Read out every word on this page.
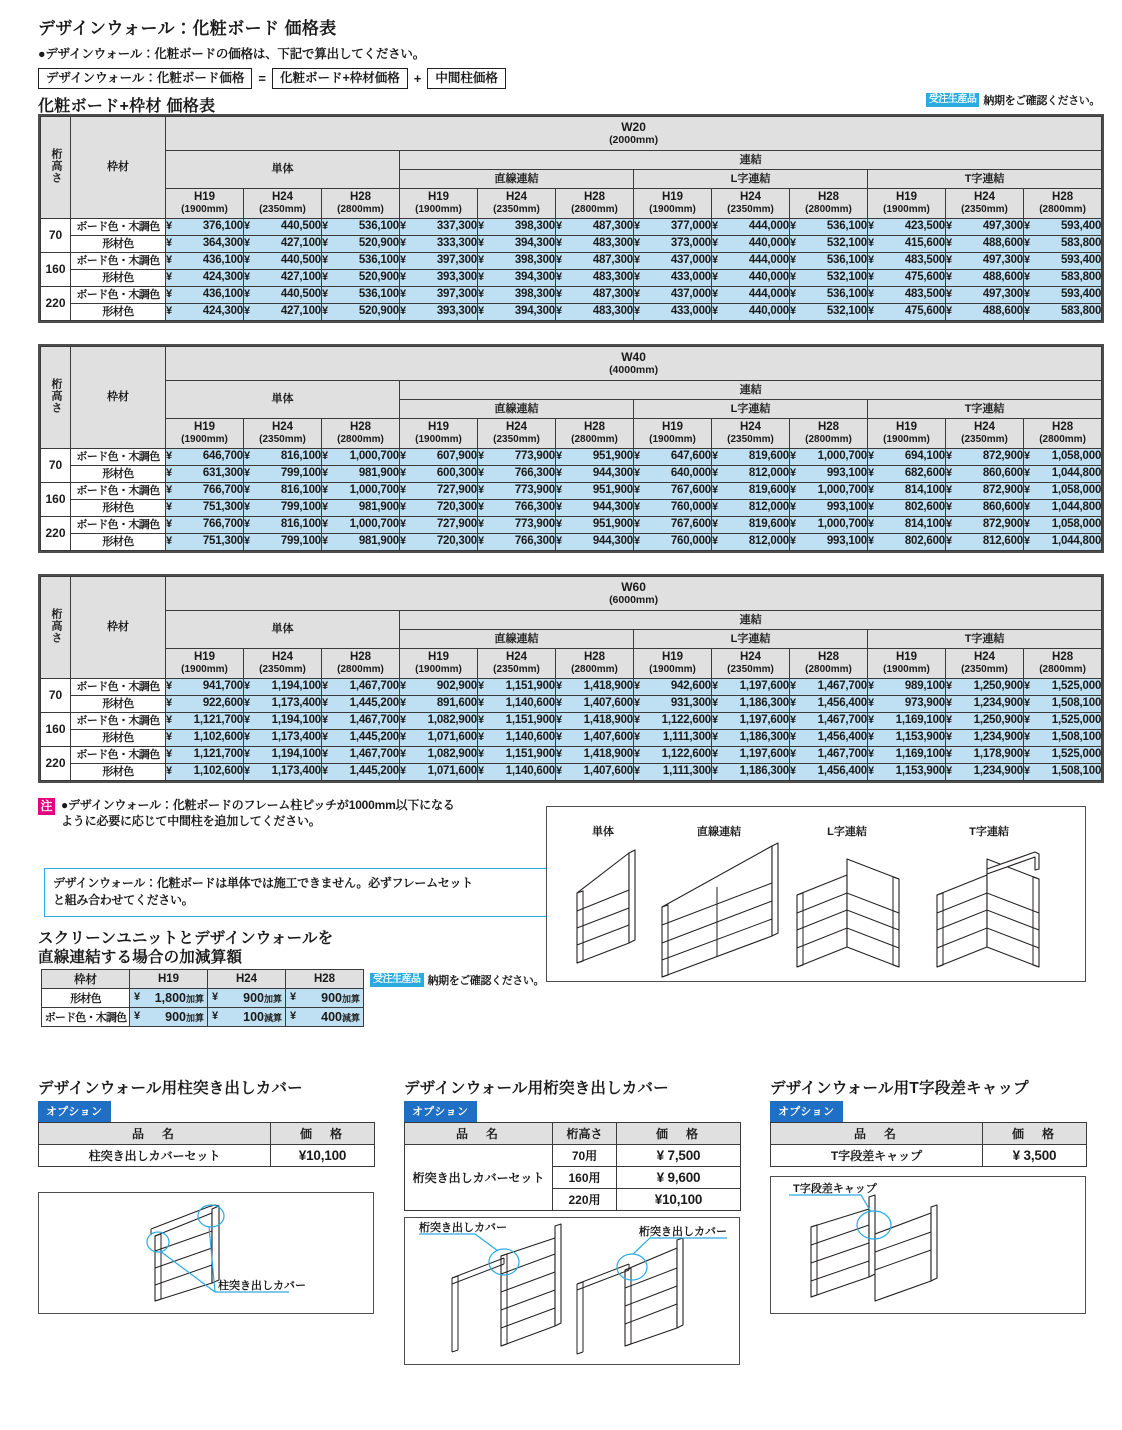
デザインウォール：化粧ボード 価格表
●デザインウォール：化粧ボードの価格は、下記で算出してください。
デザインウォール：化粧ボード価格	=	化粧ボード+枠材価格	+	中間柱価格
化粧ボード+枠材 価格表	受注生産品 納期をご確認ください。
桁高さ	枠材	W20
(2000mm)											

		単体			連結								
					直線連結			L字連結			T字連結		
		H19
(1900mm)	H24
(2350mm)	H28
(2800mm)	H19
(1900mm)	H24
(2350mm)	H28
(2800mm)	H19
(1900mm)	H24
(2350mm)	H28
(2800mm)	H19
(1900mm)	H24
(2350mm)	H28
(2800mm)

70	ボード色・木調色	¥ 376,100	¥ 440,500	¥ 536,100	¥ 337,300	¥ 398,300	¥ 487,300	¥ 377,000	¥ 444,000	¥ 536,100	¥ 423,500	¥ 497,300	¥ 593,400

	形材色	¥ 364,300	¥ 427,100	¥ 520,900	¥ 333,300	¥ 394,300	¥ 483,300	¥ 373,000	¥ 440,000	¥ 532,100	¥ 415,600	¥ 488,600	¥ 583,800

160	ボード色・木調色	¥ 436,100	¥ 440,500	¥ 536,100	¥ 397,300	¥ 398,300	¥ 487,300	¥ 437,000	¥ 444,000	¥ 536,100	¥ 483,500	¥ 497,300	¥ 593,400

	形材色	¥ 424,300	¥ 427,100	¥ 520,900	¥ 393,300	¥ 394,300	¥ 483,300	¥ 433,000	¥ 440,000	¥ 532,100	¥ 475,600	¥ 488,600	¥ 583,800

220	ボード色・木調色	¥ 436,100	¥ 440,500	¥ 536,100	¥ 397,300	¥ 398,300	¥ 487,300	¥ 437,000	¥ 444,000	¥ 536,100	¥ 483,500	¥ 497,300	¥ 593,400

	形材色	¥ 424,300	¥ 427,100	¥ 520,900	¥ 393,300	¥ 394,300	¥ 483,300	¥ 433,000	¥ 440,000	¥ 532,100	¥ 475,600	¥ 488,600	¥ 583,800
桁高さ	枠材	W40
(4000mm)											

		単体			連結								
					直線連結			L字連結			T字連結		
		H19
(1900mm)	H24
(2350mm)	H28
(2800mm)	H19
(1900mm)	H24
(2350mm)	H28
(2800mm)	H19
(1900mm)	H24
(2350mm)	H28
(2800mm)	H19
(1900mm)	H24
(2350mm)	H28
(2800mm)

70	ボード色・木調色	¥ 646,700	¥ 816,100	¥ 1,000,700	¥ 607,900	¥ 773,900	¥ 951,900	¥ 647,600	¥ 819,600	¥ 1,000,700	¥ 694,100	¥ 872,900	¥ 1,058,000

	形材色	¥ 631,300	¥ 799,100	¥ 981,900	¥ 600,300	¥ 766,300	¥ 944,300	¥ 640,000	¥ 812,000	¥ 993,100	¥ 682,600	¥ 860,600	¥ 1,044,800

160	ボード色・木調色	¥ 766,700	¥ 816,100	¥ 1,000,700	¥ 727,900	¥ 773,900	¥ 951,900	¥ 767,600	¥ 819,600	¥ 1,000,700	¥ 814,100	¥ 872,900	¥ 1,058,000

	形材色	¥ 751,300	¥ 799,100	¥ 981,900	¥ 720,300	¥ 766,300	¥ 944,300	¥ 760,000	¥ 812,000	¥ 993,100	¥ 802,600	¥ 860,600	¥ 1,044,800

220	ボード色・木調色	¥ 766,700	¥ 816,100	¥ 1,000,700	¥ 727,900	¥ 773,900	¥ 951,900	¥ 767,600	¥ 819,600	¥ 1,000,700	¥ 814,100	¥ 872,900	¥ 1,058,000

	形材色	¥ 751,300	¥ 799,100	¥ 981,900	¥ 720,300	¥ 766,300	¥ 944,300	¥ 760,000	¥ 812,000	¥ 993,100	¥ 802,600	¥ 812,600	¥ 1,044,800
桁高さ	枠材	W60
(6000mm)											

		単体			連結								
					直線連結			L字連結			T字連結		
		H19
(1900mm)	H24
(2350mm)	H28
(2800mm)	H19
(1900mm)	H24
(2350mm)	H28
(2800mm)	H19
(1900mm)	H24
(2350mm)	H28
(2800mm)	H19
(1900mm)	H24
(2350mm)	H28
(2800mm)

70	ボード色・木調色	¥ 941,700	¥ 1,194,100	¥ 1,467,700	¥ 902,900	¥ 1,151,900	¥ 1,418,900	¥ 942,600	¥ 1,197,600	¥ 1,467,700	¥ 989,100	¥ 1,250,900	¥ 1,525,000

	形材色	¥ 922,600	¥ 1,173,400	¥ 1,445,200	¥ 891,600	¥ 1,140,600	¥ 1,407,600	¥ 931,300	¥ 1,186,300	¥ 1,456,400	¥ 973,900	¥ 1,234,900	¥ 1,508,100

160	ボード色・木調色	¥ 1,121,700	¥ 1,194,100	¥ 1,467,700	¥ 1,082,900	¥ 1,151,900	¥ 1,418,900	¥ 1,122,600	¥ 1,197,600	¥ 1,467,700	¥ 1,169,100	¥ 1,250,900	¥ 1,525,000

	形材色	¥ 1,102,600	¥ 1,173,400	¥ 1,445,200	¥ 1,071,600	¥ 1,140,600	¥ 1,407,600	¥ 1,111,300	¥ 1,186,300	¥ 1,456,400	¥ 1,153,900	¥ 1,234,900	¥ 1,508,100

220	ボード色・木調色	¥ 1,121,700	¥ 1,194,100	¥ 1,467,700	¥ 1,082,900	¥ 1,151,900	¥ 1,418,900	¥ 1,122,600	¥ 1,197,600	¥ 1,467,700	¥ 1,169,100	¥ 1,178,900	¥ 1,525,000

	形材色	¥ 1,102,600	¥ 1,173,400	¥ 1,445,200	¥ 1,071,600	¥ 1,140,600	¥ 1,407,600	¥ 1,111,300	¥ 1,186,300	¥ 1,456,400	¥ 1,153,900	¥ 1,234,900	¥ 1,508,100
注 ●デザインウォール：化粧ボードのフレーム柱ピッチが1000mm以下になる
ように必要に応じて中間柱を追加してください。
デザインウォール：化粧ボードは単体では施工できません。必ずフレームセット
と組み合わせてください。
単体	直線連結	L字連結	T字連結
スクリーンユニットとデザインウォールを
直線連結する場合の加減算額
枠材	H19	H24	H28
形材色	¥ 1,800加算	¥ 900加算	¥ 900加算
ボード色・木調色	¥ 900加算	¥ 100減算	¥ 400減算
受注生産品 納期をご確認ください。
デザインウォール用柱突き出しカバー
オプション
品　名	価　格
柱突き出しカバーセット	¥10,100
柱突き出しカバー
デザインウォール用桁突き出しカバー
オプション
品　名	桁高さ	価　格
桁突き出しカバーセット	70用	¥ 7,500
	160用	¥ 9,600
	220用	¥10,100
桁突き出しカバー	桁突き出しカバー
デザインウォール用T字段差キャップ
オプション
品　名	価　格
T字段差キャップ	¥ 3,500
T字段差キャップ
